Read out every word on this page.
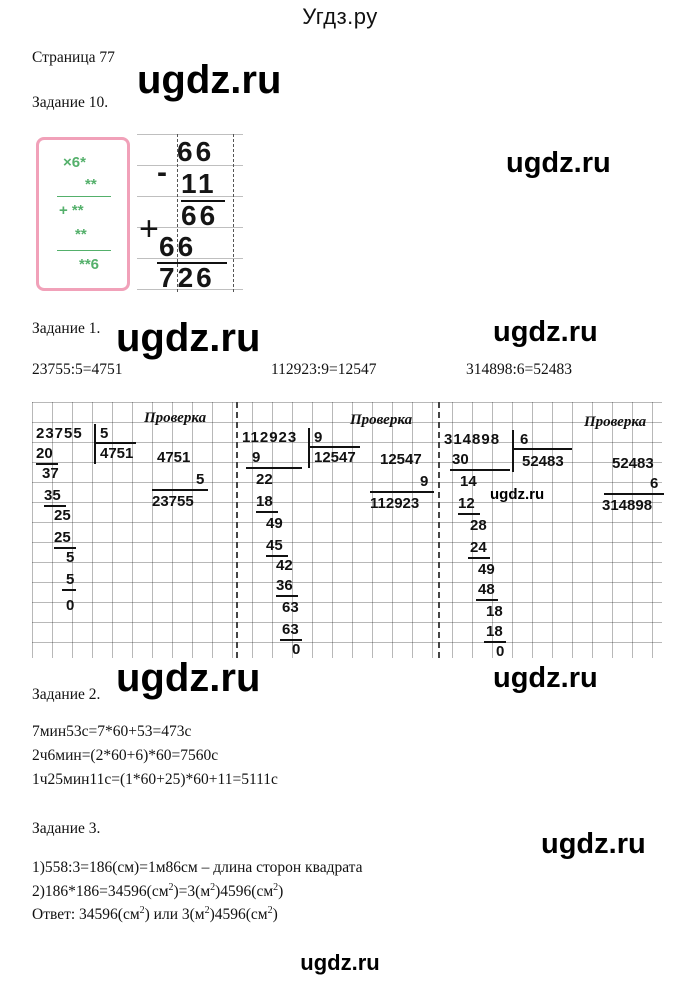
Угдз.ру
Страница 77
ugdz.ru
Задание 10.
×6*
**
+ **
**
**6
66
- 11
66
+ 66
726
ugdz.ru
Задание 1. ugdz.ru	ugdz.ru
23755:5=4751	112923:9=12547	314898:6=52483
Проверка
23755 5
4751
20
37
35
25
25
5
5
0
4751
5
23755
Проверка
112923 9
12547
9
22
18
49
45
42
36
63
63
0
12547
9
112923
Проверка
314898 6
52483
30
14
12
28
24
49
48
18
18
0
52483
6
314898
ugdz.ru
ugdz.ru	ugdz.ru
Задание 2.
7мин53с=7*60+53=473с
2ч6мин=(2*60+6)*60=7560с
1ч25мин11с=(1*60+25)*60+11=5111с
Задание 3.	ugdz.ru
1)558:3=186(см)=1м86см – длина сторон квадрата
$2)186*186=34596(см^2)=3(м^2)4596(см^2)$
Ответ: $34596(см^2)$ или $3(м^2)4596(см^2)$
ugdz.ru
